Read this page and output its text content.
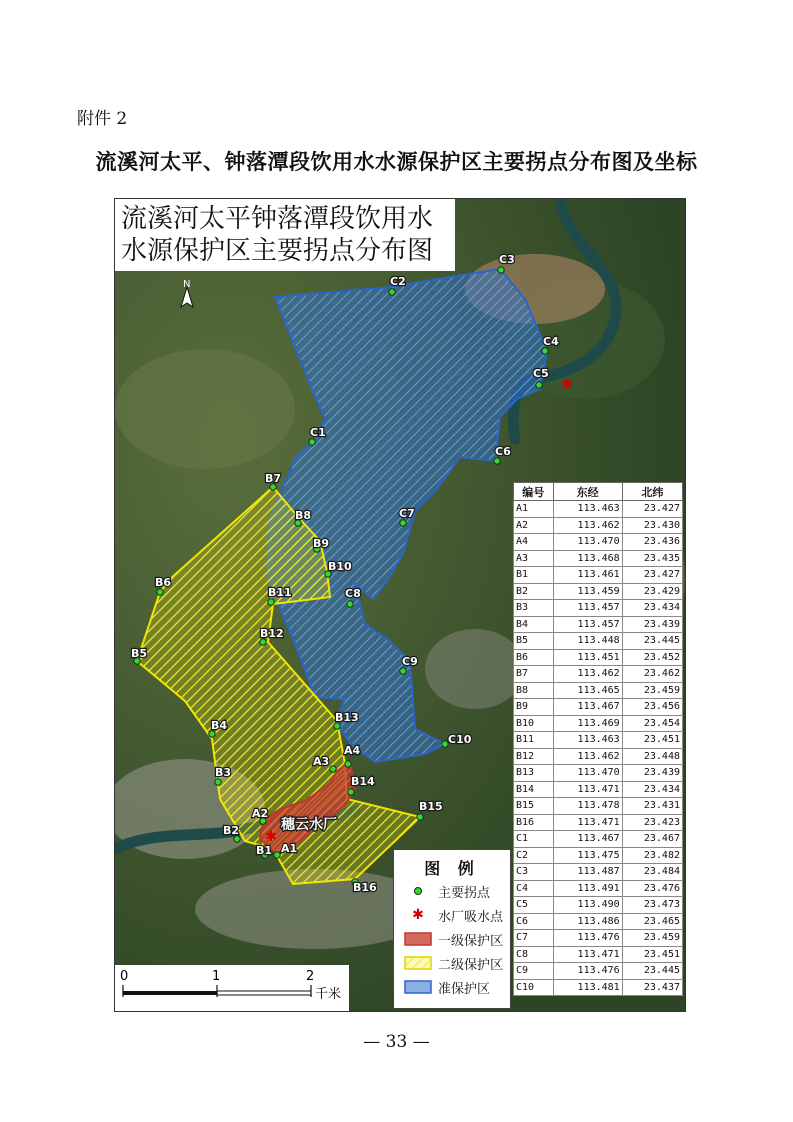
附件 2
流溪河太平、钟落潭段饮用水水源保护区主要拐点分布图及坐标
✱
✱
C1
C2
C3
C4
C5
C6
C7
C8
C9
C10
B7
B8
B9
B10
B11
B12
B6
B5
B4
B3
B13
A3
A4
B14
B15
A2
B2
B1 A1
B16
穗云水厂
N
流溪河太平钟落潭段饮用水
水源保护区主要拐点分布图
图 例
主要拐点
✱	水厂吸水点
一级保护区
二级保护区
准保护区
0	1	2
千米
编号	东经	北纬
A1	113.463	23.427
A2	113.462	23.430
A4	113.470	23.436
A3	113.468	23.435
B1	113.461	23.427
B2	113.459	23.429
B3	113.457	23.434
B4	113.457	23.439
B5	113.448	23.445
B6	113.451	23.452
B7	113.462	23.462
B8	113.465	23.459
B9	113.467	23.456
B10	113.469	23.454
B11	113.463	23.451
B12	113.462	23.448
B13	113.470	23.439
B14	113.471	23.434
B15	113.478	23.431
B16	113.471	23.423
C1	113.467	23.467
C2	113.475	23.482
C3	113.487	23.484
C4	113.491	23.476
C5	113.490	23.473
C6	113.486	23.465
C7	113.476	23.459
C8	113.471	23.451
C9	113.476	23.445
C10	113.481	23.437
— 33 —
